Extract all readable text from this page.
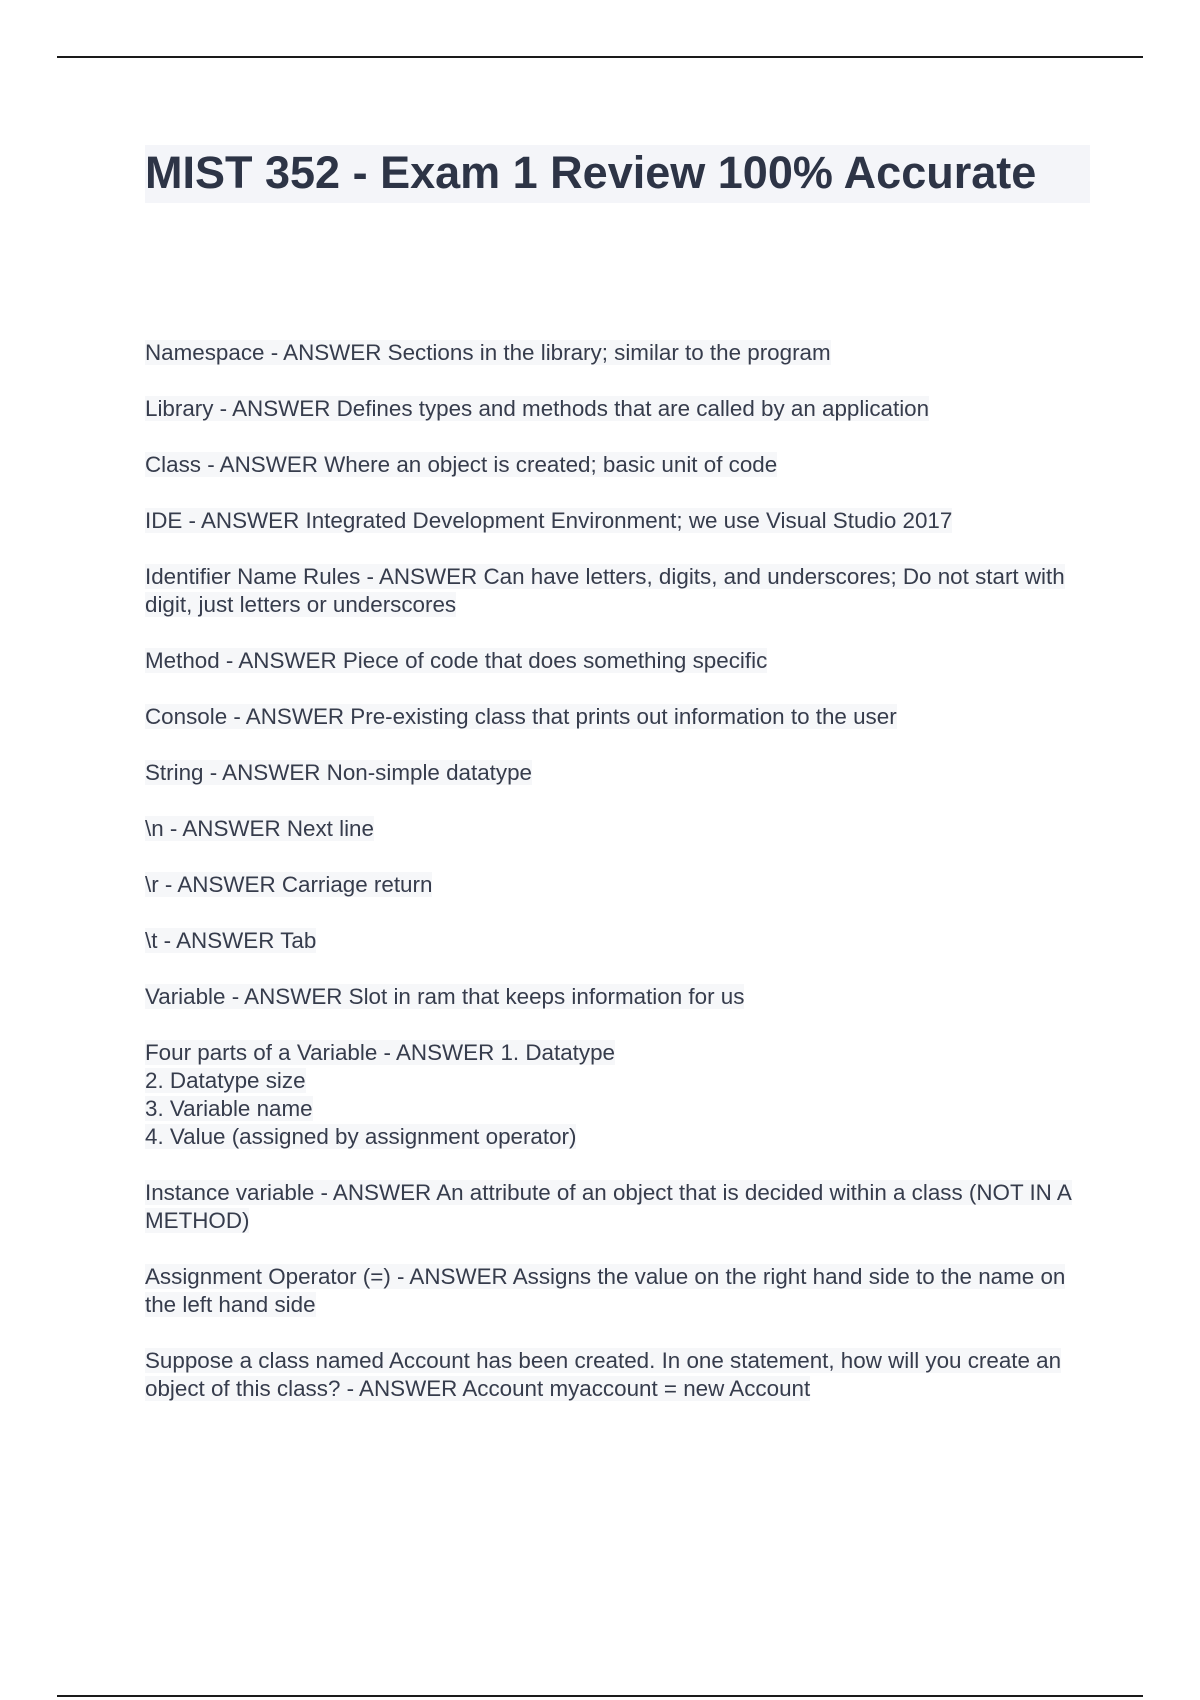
MIST 352 - Exam 1 Review 100% Accurate
Namespace - ANSWER Sections in the library; similar to the program
Library - ANSWER Defines types and methods that are called by an application
Class - ANSWER Where an object is created; basic unit of code
IDE - ANSWER Integrated Development Environment; we use Visual Studio 2017
Identifier Name Rules - ANSWER Can have letters, digits, and underscores; Do not start with digit, just letters or underscores
Method - ANSWER Piece of code that does something specific
Console - ANSWER Pre-existing class that prints out information to the user
String - ANSWER Non-simple datatype
\n - ANSWER Next line
\r - ANSWER Carriage return
\t - ANSWER Tab
Variable - ANSWER Slot in ram that keeps information for us
Four parts of a Variable - ANSWER 1. Datatype
2. Datatype size
3. Variable name
4. Value (assigned by assignment operator)
Instance variable - ANSWER An attribute of an object that is decided within a class (NOT IN A METHOD)
Assignment Operator (=) - ANSWER Assigns the value on the right hand side to the name on the left hand side
Suppose a class named Account has been created. In one statement, how will you create an object of this class? - ANSWER Account myaccount = new Account
